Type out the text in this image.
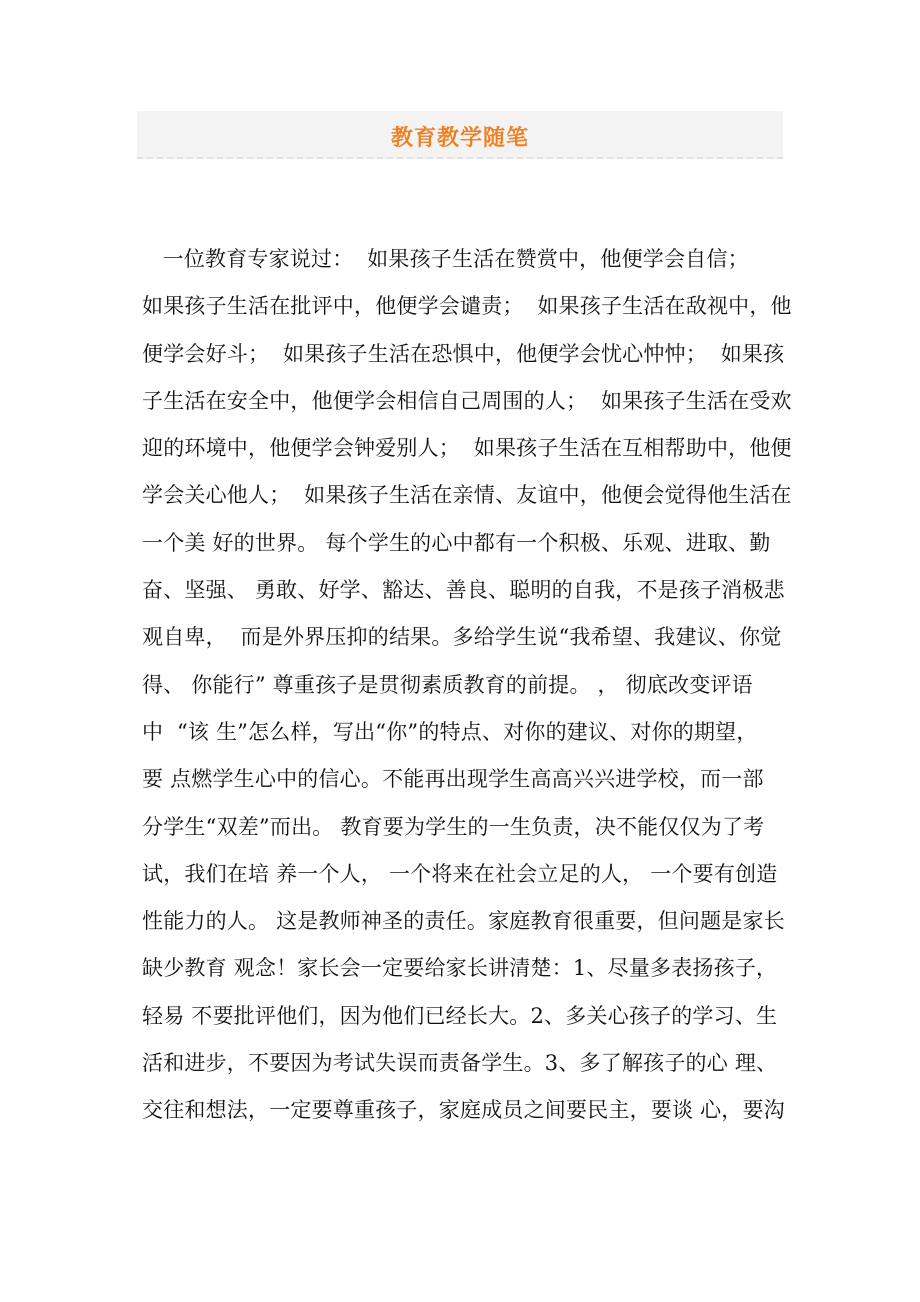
教育教学随笔
一位教育专家说过：  如果孩子生活在赞赏中，他便学会自信；
如果孩子生活在批评中，他便学会谴责；  如果孩子生活在敌视中，他
便学会好斗；  如果孩子生活在恐惧中，他便学会忧心忡忡；  如果孩
子生活在安全中，他便学会相信自己周围的人；  如果孩子生活在受欢
迎的环境中，他便学会钟爱别人；  如果孩子生活在互相帮助中，他便
学会关心他人；  如果孩子生活在亲情、友谊中，他便会觉得他生活在
一个美 好的世界。 每个学生的心中都有一个积极、乐观、进取、勤
奋、坚强、 勇敢、好学、豁达、善良、聪明的自我，不是孩子消极悲
观自卑，  而是外界压抑的结果。多给学生说“我希望、我建议、你觉
得、 你能行” 尊重孩子是贯彻素质教育的前提。 ， 彻底改变评语
中  “该 生”怎么样，写出“你”的特点、对你的建议、对你的期望，
要 点燃学生心中的信心。不能再出现学生高高兴兴进学校，而一部
分学生“双差”而出。 教育要为学生的一生负责，决不能仅仅为了考
试，我们在培 养一个人， 一个将来在社会立足的人， 一个要有创造
性能力的人。 这是教师神圣的责任。家庭教育很重要，但问题是家长
缺少教育 观念！家长会一定要给家长讲清楚：1、尽量多表扬孩子，
轻易 不要批评他们，因为他们已经长大。2、多关心孩子的学习、生
活和进步，不要因为考试失误而责备学生。3、多了解孩子的心 理、
交往和想法，一定要尊重孩子，家庭成员之间要民主，要谈 心，要沟
